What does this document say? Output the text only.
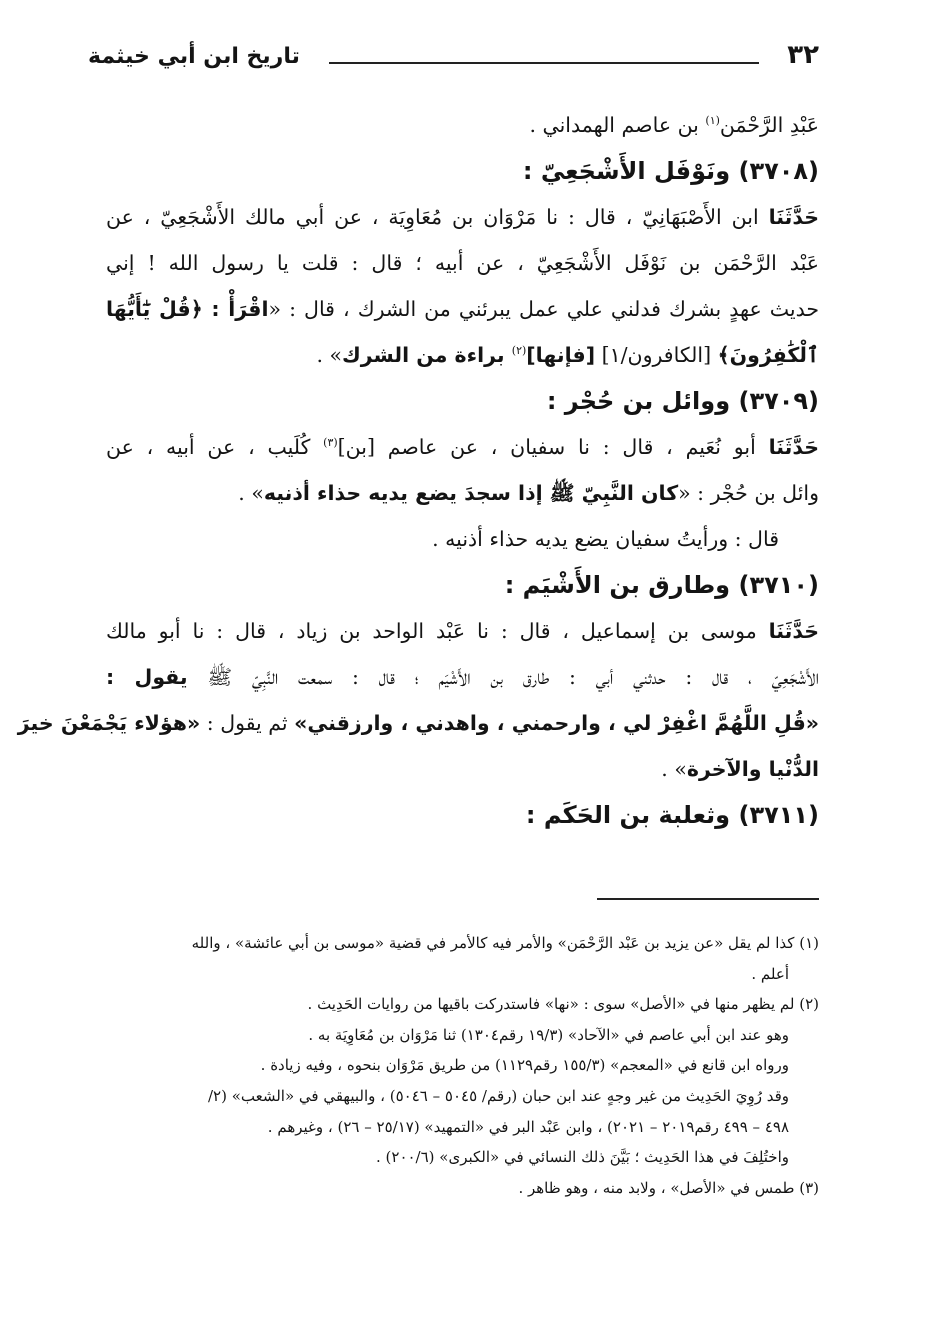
٣٢
تاريخ ابن أبي خيثمة
عَبْدِ الرَّحْمَن$^{(١)}$ بن عاصم الهمداني .
(٣٧٠٨) ونَوْفَل الأَشْجَعِيّ :
حَدَّثَنَا ابن الأَصْبَهَانِيّ ، قال : نا مَرْوَان بن مُعَاوِيَة ، عن أبي مالك الأَشْجَعِيّ ، عن
عَبْد الرَّحْمَن بن نَوْفَل الأَشْجَعِيّ ، عن أبيه ؛ قال : قلت يا رسول الله ! إني
حديث عهدٍ بشرك فدلني علي عمل يبرئني من الشرك ، قال : «اقْرَأْ : ﴿قُلْ يَٰٓأَيُّهَا
ٱلْكَٰفِرُونَ﴾ [الكافرون/١] [فإنها]$^{(٢)}$ براءة من الشرك» .
(٣٧٠٩) ووائل بن حُجْر :
حَدَّثَنَا أبو نُعَيم ، قال : نا سفيان ، عن عاصم [بن]$^{(٣)}$ كُلَيب ، عن أبيه ، عن
وائل بن حُجْر : «كان النَّبِيّ ﷺ إذا سجدَ يضع يديه حذاء أذنيه» .
قال : ورأيتُ سفيان يضع يديه حذاء أذنيه .
(٣٧١٠) وطارق بن الأَشْيَم :
حَدَّثَنَا موسى بن إسماعيل ، قال : نا عَبْد الواحد بن زياد ، قال : نا أبو مالك
الأَشْجَعِيّ ، قال : حدثني أبي : طارق بن الأَشْيَم ؛ قال : سمعت النَّبِيّ ﷺ يقول :
«قُلِ اللَّهُمَّ اغْفِرْ لي ، وارحمني ، واهدني ، وارزقني» ثم يقول : «هؤلاء يَجْمَعْنَ خيرَ
الدُّنْيا والآخرة» .
(٣٧١١) وثعلبة بن الحَكَم :
(١) كذا لم يقل «عن يزيد بن عَبْد الرَّحْمَن» والأمر فيه كالأمر في قضية «موسى بن أبي عائشة» ، والله
أعلم .
(٢) لم يظهر منها في «الأصل» سوى : «نها» فاستدركت باقيها من روايات الحَدِيث .
وهو عند ابن أبي عاصم في «الآحاد» (١٩/٣ رقم١٣٠٤) ثنا مَرْوَان بن مُعَاوِيَة به .
ورواه ابن قانع في «المعجم» (١٥٥/٣ رقم١١٢٩) من طريق مَرْوَان بنحوه ، وفيه زيادة .
وقد رُوِيَ الحَدِيث من غير وجهٍ عند ابن حبان (رقم/ ٥٠٤٥ – ٥٠٤٦) ، والبيهقي في «الشعب» (٢/
٤٩٨ – ٤٩٩ رقم٢٠١٩ – ٢٠٢١) ، وابن عَبْد البر في «التمهيد» (٢٥/١٧ – ٢٦) ، وغيرهم .
واختُلِفَ في هذا الحَدِيث ؛ بَيَّنَ ذلك النسائي في «الكبرى» (٢٠٠/٦) .
(٣) طمس في «الأصل» ، ولابد منه ، وهو ظاهر .
